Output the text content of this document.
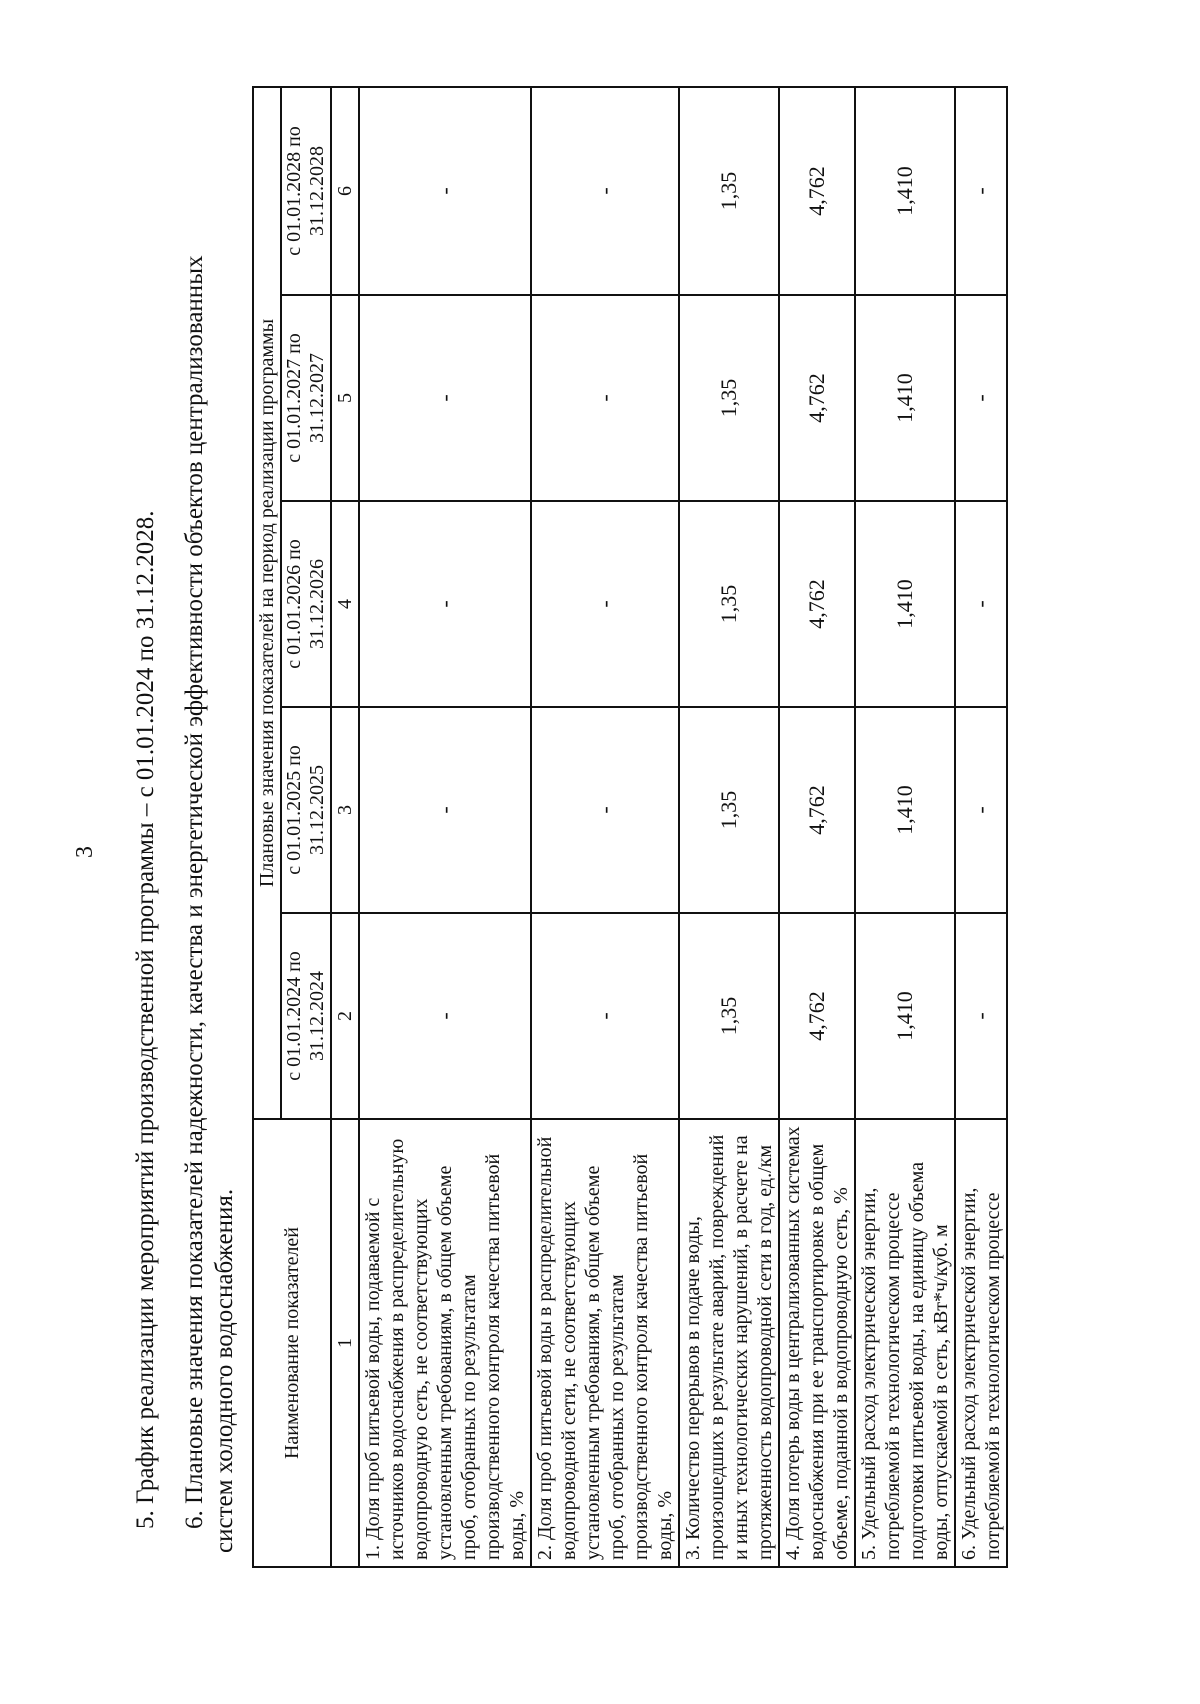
3 5. График реализации мероприятий производственной программы – с 01.01.2024 по 31.12.2028. 6. Плановые значения показателей надежности, качества и энергетической эффективности объектов централизованных систем холодного водоснабжения. Наименование показателей	Плановые значения показателей на период реализации программы				
	с 01.01.2024 по 31.12.2024	с 01.01.2025 по 31.12.2025	с 01.01.2026 по 31.12.2026	с 01.01.2027 по 31.12.2027	с 01.01.2028 по 31.12.2028
1	2	3	4	5	6
1. Доля проб питьевой воды, подаваемой с источников водоснабжения в распределительную водопроводную сеть, не соответствующих установленным требованиям, в общем объеме проб, отобранных по результатам производственного контроля качества питьевой воды, %	-	-	-	-	-
2. Доля проб питьевой воды в распределительной водопроводной сети, не соответствующих установленным требованиям, в общем объеме проб, отобранных по результатам производственного контроля качества питьевой воды, %	-	-	-	-	-
3. Количество перерывов в подаче воды, произошедших в результате аварий, повреждений и иных технологических нарушений, в расчете на протяженность водопроводной сети в год, ед./км	1,35	1,35	1,35	1,35	1,35
4. Доля потерь воды в централизованных системах водоснабжения при ее транспортировке в общем объеме, поданной в водопроводную сеть, %	4,762	4,762	4,762	4,762	4,762
5. Удельный расход электрической энергии, потребляемой в технологическом процессе подготовки питьевой воды, на единицу объема воды, отпускаемой в сеть, кВт*ч/куб. м	1,410	1,410	1,410	1,410	1,410
6. Удельный расход электрической энергии, потребляемой в технологическом процессе	-	-	-	-	-
